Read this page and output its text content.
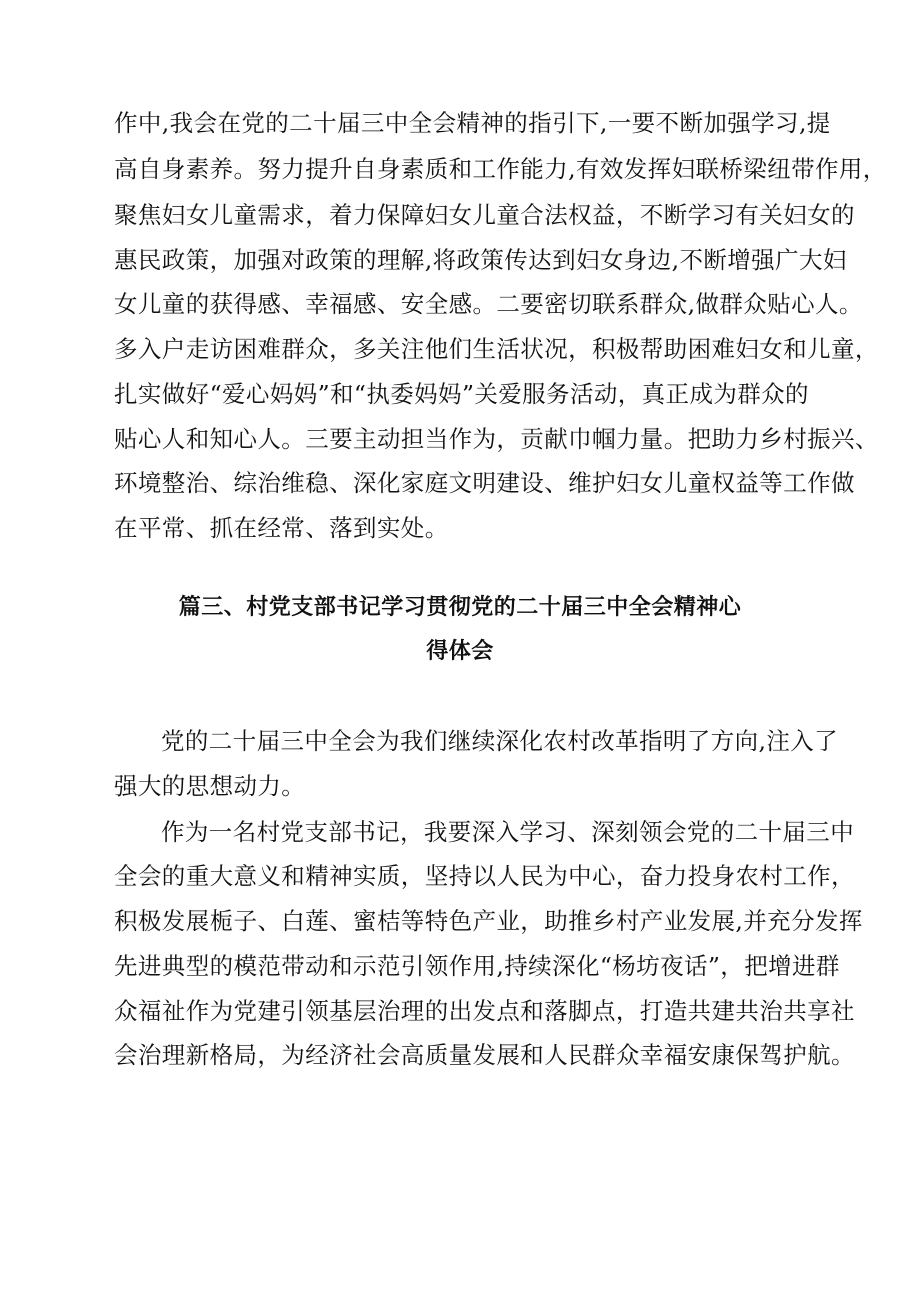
作中,我会在党的二十届三中全会精神的指引下,一要不断加强学习,提
高自身素养。努力提升自身素质和工作能力,有效发挥妇联桥梁纽带作用，
聚焦妇女儿童需求，着力保障妇女儿童合法权益，不断学习有关妇女的
惠民政策，加强对政策的理解,将政策传达到妇女身边,不断增强广大妇
女儿童的获得感、幸福感、安全感。二要密切联系群众,做群众贴心人。
多入户走访困难群众，多关注他们生活状况，积极帮助困难妇女和儿童，
扎实做好“爱心妈妈”和“执委妈妈”关爱服务活动，真正成为群众的
贴心人和知心人。三要主动担当作为，贡献巾帼力量。把助力乡村振兴、
环境整治、综治维稳、深化家庭文明建设、维护妇女儿童权益等工作做
在平常、抓在经常、落到实处。
篇三、村党支部书记学习贯彻党的二十届三中全会精神心
得体会
党的二十届三中全会为我们继续深化农村改革指明了方向,注入了
强大的思想动力。
作为一名村党支部书记，我要深入学习、深刻领会党的二十届三中
全会的重大意义和精神实质，坚持以人民为中心，奋力投身农村工作，
积极发展栀子、白莲、蜜桔等特色产业，助推乡村产业发展,并充分发挥
先进典型的模范带动和示范引领作用,持续深化“杨坊夜话”，把增进群
众福祉作为党建引领基层治理的出发点和落脚点，打造共建共治共享社
会治理新格局，为经济社会高质量发展和人民群众幸福安康保驾护航。
